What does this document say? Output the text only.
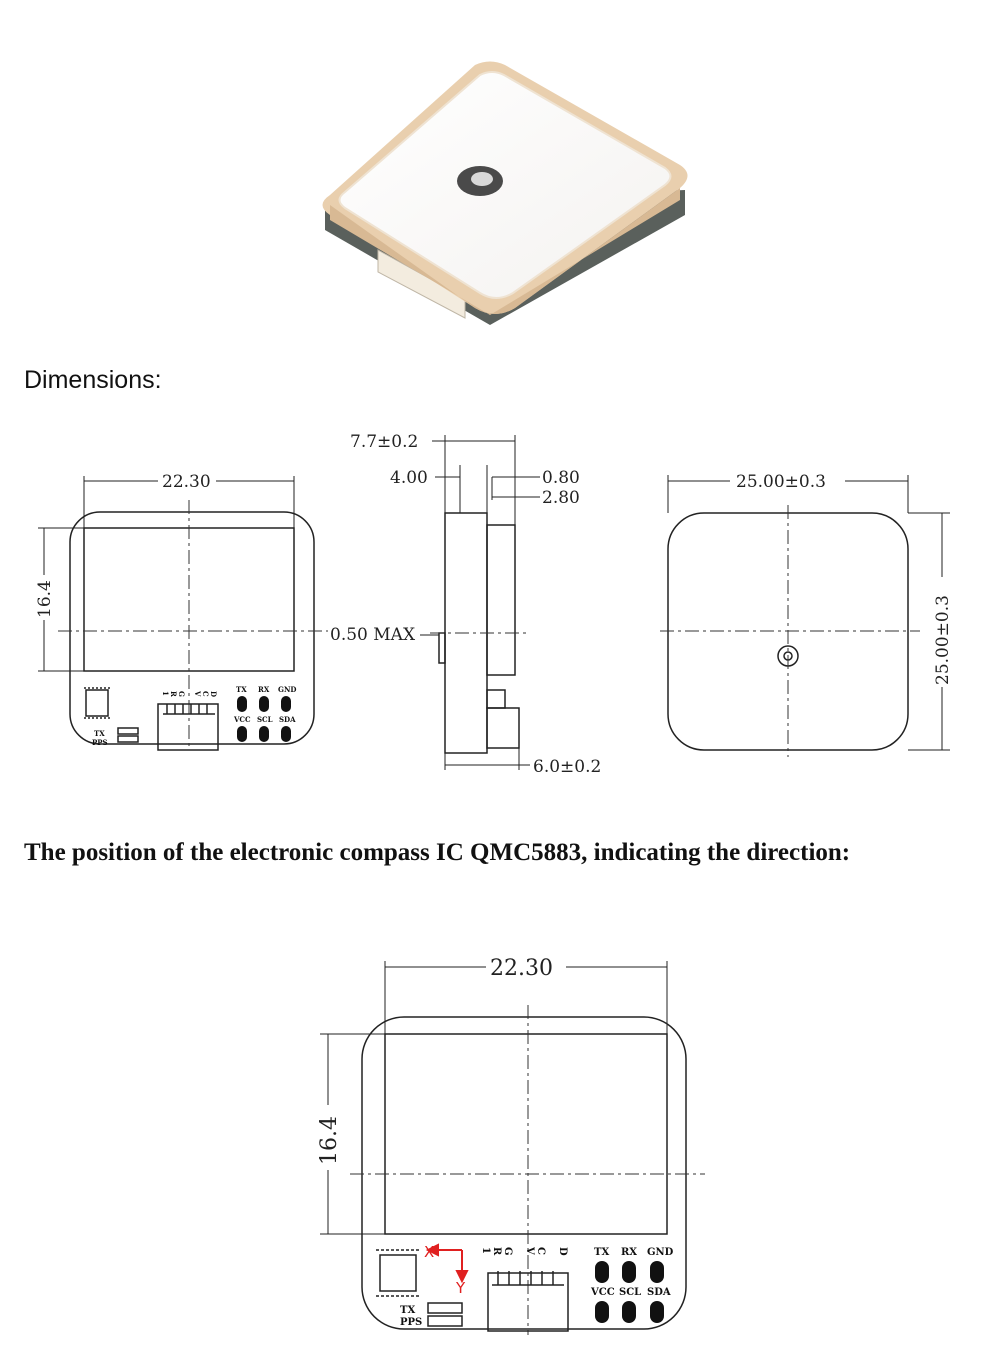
Dimensions:
22.30
16.4
TX
PPS
1 R G V C D
TX RX GND
VCC SCL SDA
7.7±0.2
4.00	0.80
2.80
0.50 MAX
6.0±0.2
25.00±0.3
25.00±0.3
The position of the electronic compass IC QMC5883, indicating the direction:
22.30
16.4
X
Y
TX
PPS
1 R G V C D	TX RX GND
VCC SCL SDA
